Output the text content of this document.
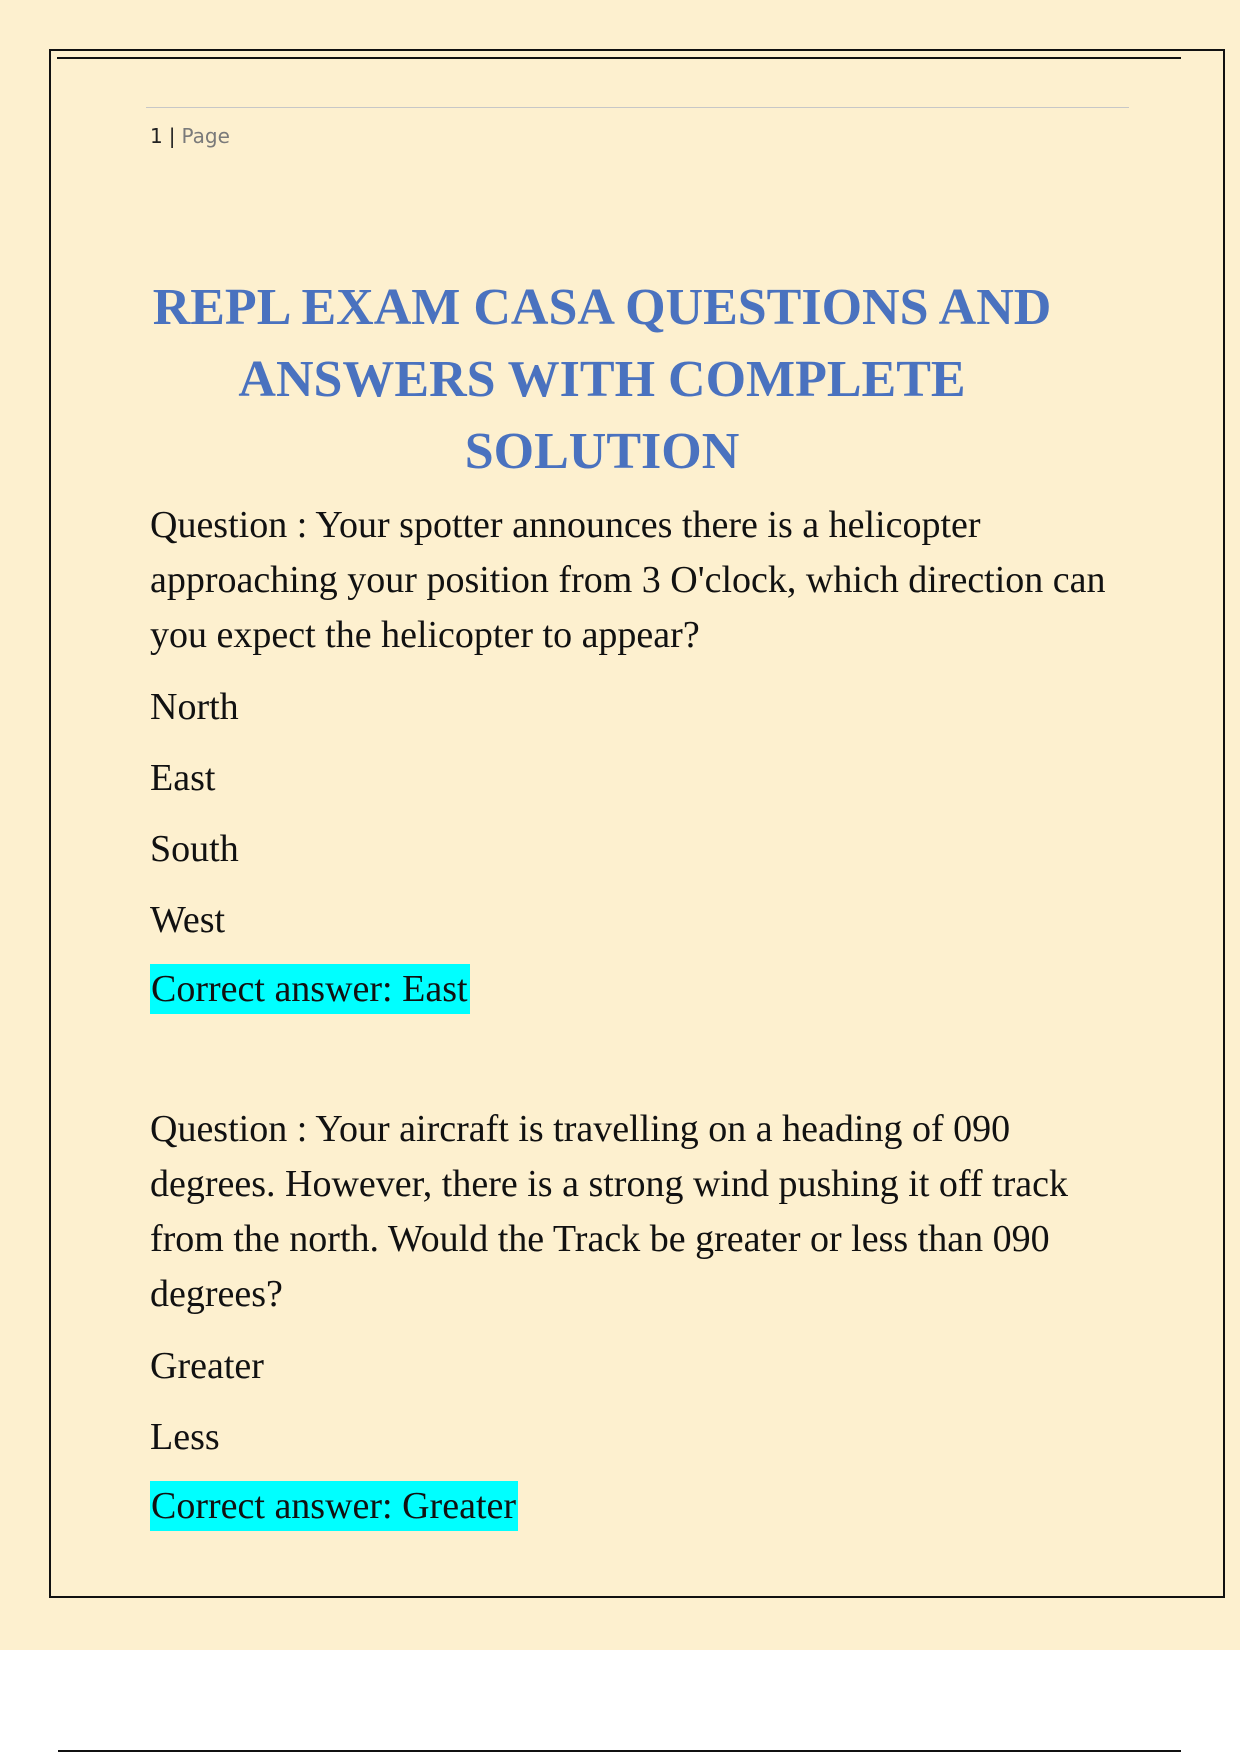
1 | Page
REPL EXAM CASA QUESTIONS AND
ANSWERS WITH COMPLETE
SOLUTION

Question : Your spotter announces there is a helicopter approaching your position from 3 O'clock, which direction can you expect the helicopter to appear?

North

East

South

West

Correct answer: East

Question : Your aircraft is travelling on a heading of 090 degrees. However, there is a strong wind pushing it off track from the north. Would the Track be greater or less than 090 degrees?

Greater

Less

Correct answer: Greater
